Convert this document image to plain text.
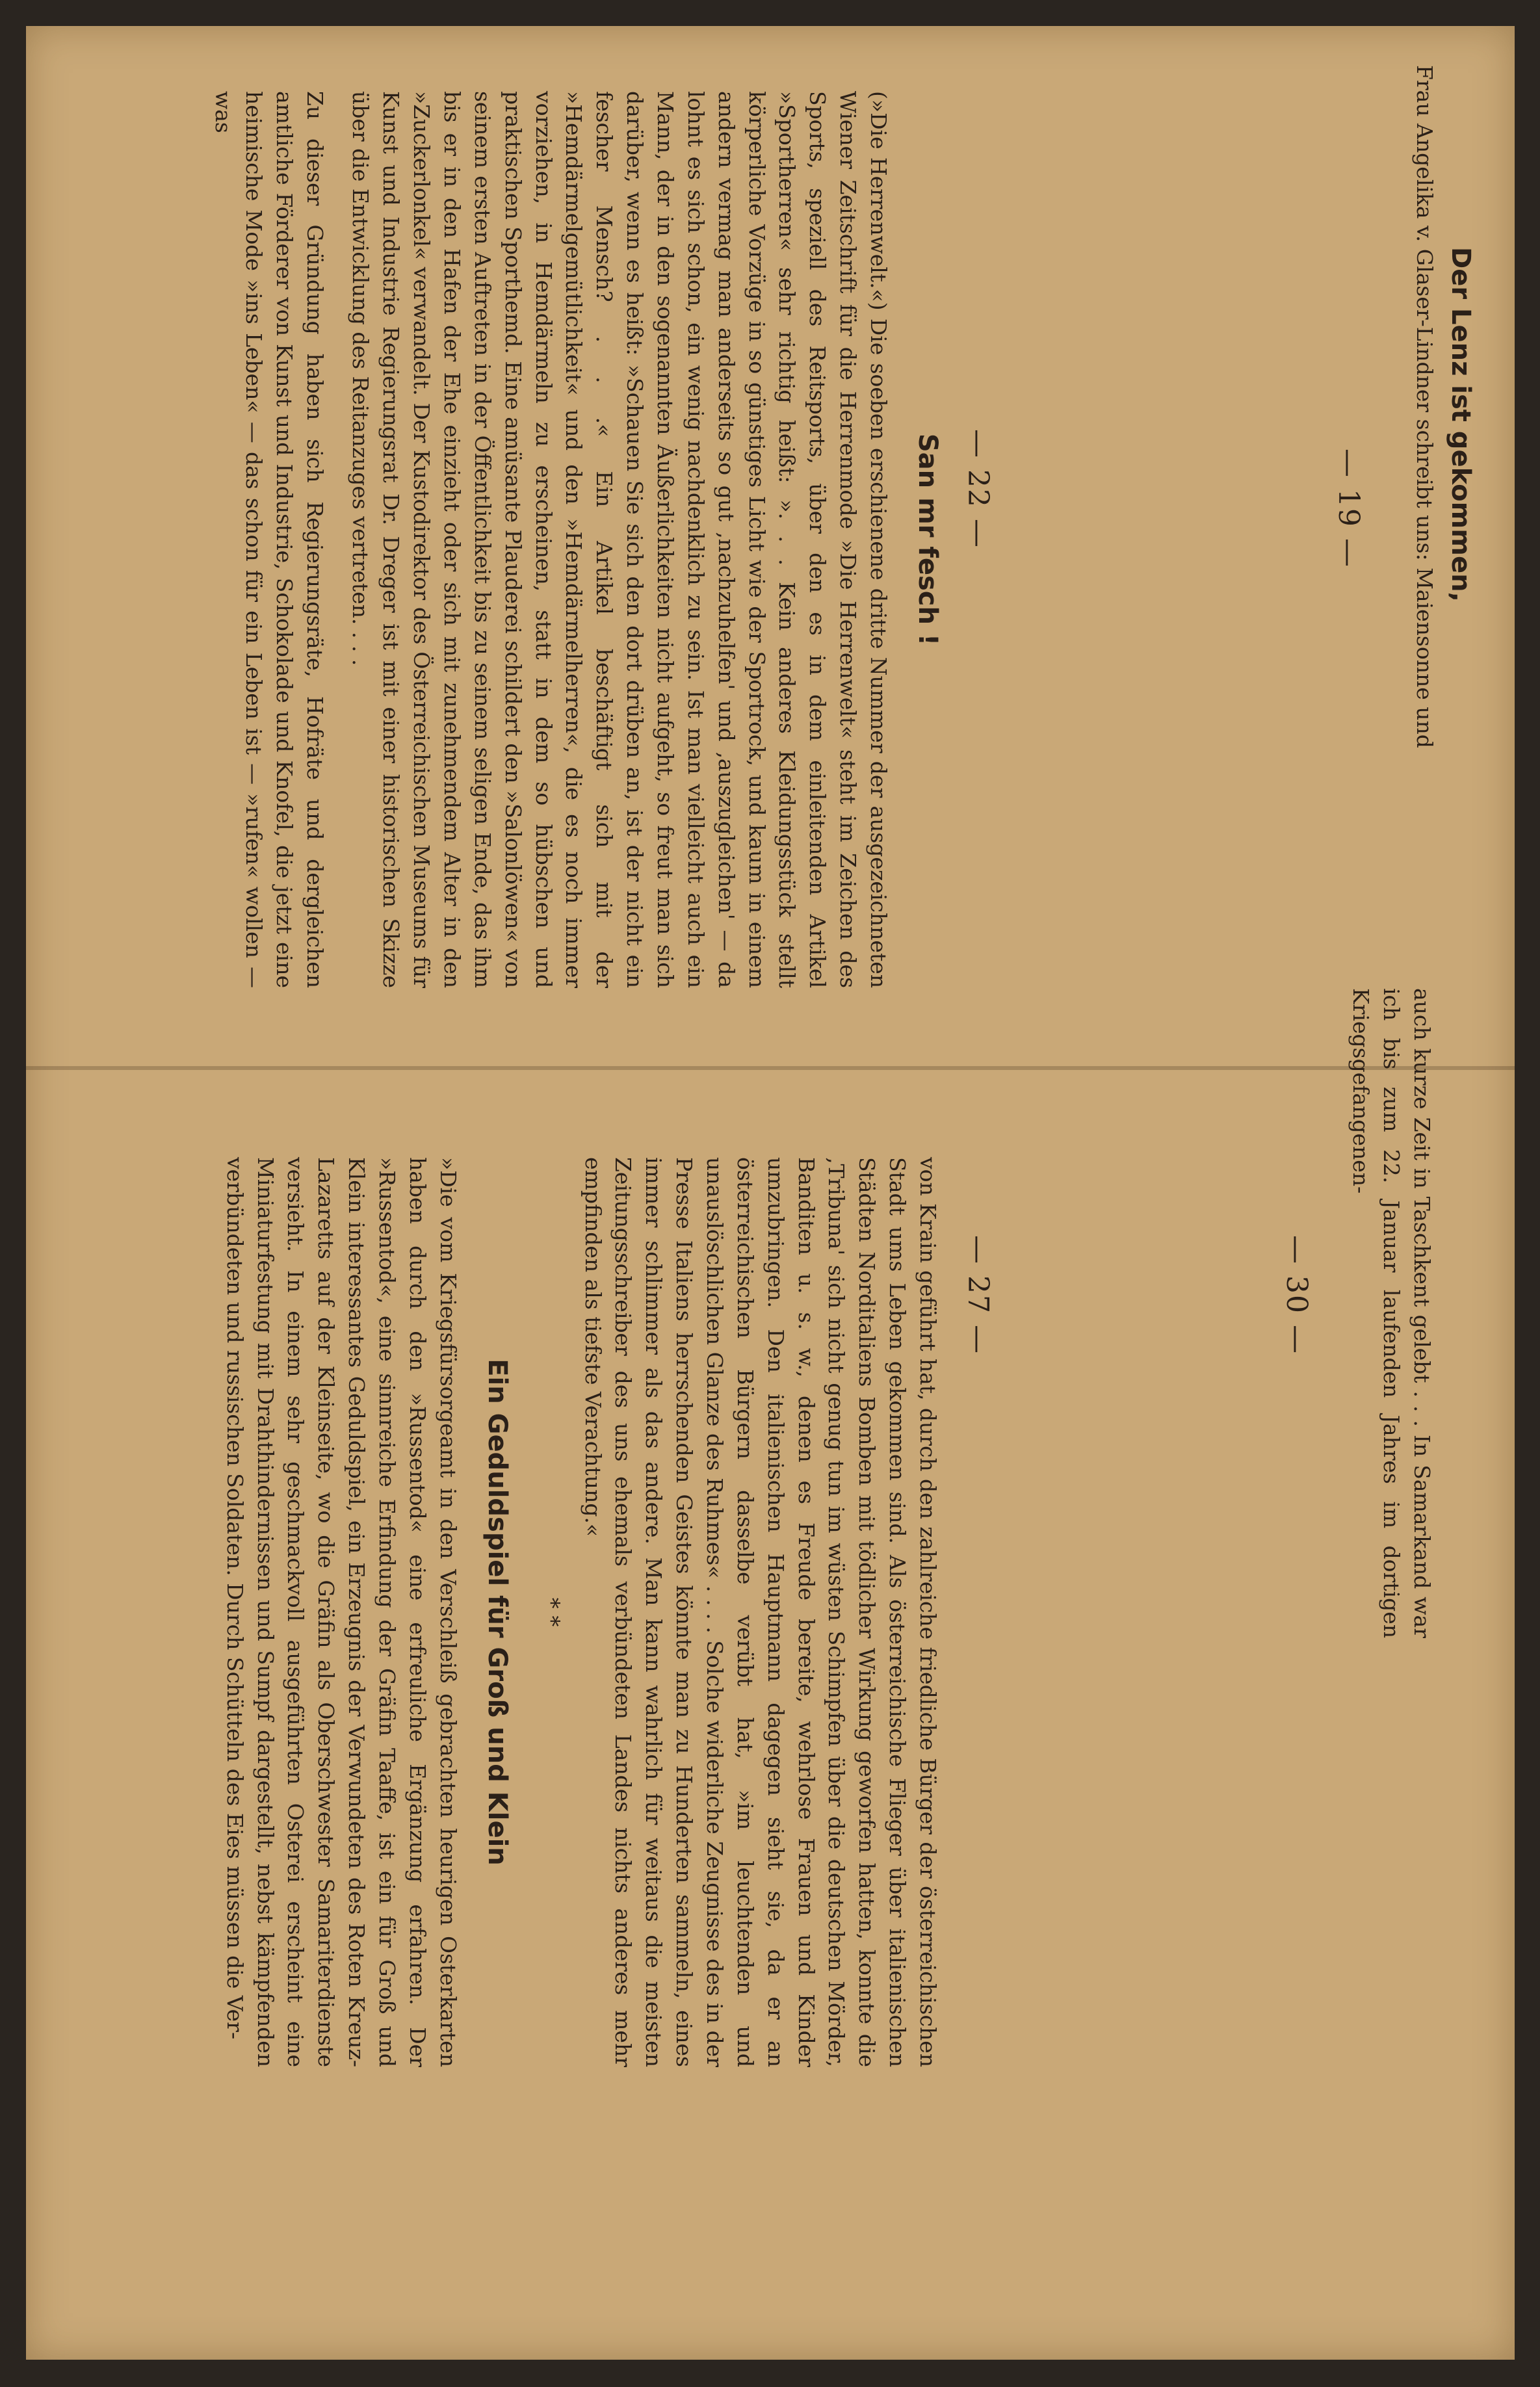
auch kurze Zeit in Taschkent gelebt . . . In Samarkand war ich bis zum 22. Januar laufenden Jahres im dortigen Kriegsgefangenen-

— 30 —
— 27 —

von Krain geführt hat, durch den zahlreiche friedliche Bürger der österreichischen Stadt ums Leben gekommen sind. Als österreichische Flieger über italienischen Städten Norditaliens Bomben mit tödlicher Wirkung geworfen hatten, konnte die ‚Tribuna' sich nicht genug tun im wüsten Schimpfen über die deutschen Mörder, Banditen u. s. w., denen es Freude bereite, wehrlose Frauen und Kinder umzubringen. Den italienischen Hauptmann dagegen sieht sie, da er an österreichischen Bürgern dasselbe verübt hat, »im leuchtenden und unauslöschlichen Glanze des Ruhmes« . . . . Solche widerliche Zeugnisse des in der Presse Italiens herrschenden Geistes könnte man zu Hunderten sammeln, eines immer schlimmer als das andere. Man kann wahrlich für weitaus die meisten Zeitungsschreiber des uns ehemals verbündeten Landes nichts anderes mehr empfinden als tiefste Verachtung.«

* *
Ein Geduldspiel für Groß und Klein

»Die vom Kriegsfürsorgeamt in den Verschleiß gebrachten heurigen Osterkarten haben durch den »Russentod« eine erfreuliche Ergänzung erfahren. Der »Russentod«, eine sinnreiche Erfindung der Gräfin Taaffe, ist ein für Groß und Klein interessantes Geduldspiel, ein Erzeugnis der Verwundeten des Roten Kreuz-Lazaretts auf der Kleinseite, wo die Gräfin als Oberschwester Samariterdienste versieht. In einem sehr geschmackvoll ausgeführten Osterei erscheint eine Miniaturfestung mit Drahthindernissen und Sumpf dargestellt, nebst kämpfenden verbündeten und russischen Soldaten. Durch Schütteln des Eies müssen die Ver-

— 19 —	Der Lenz ist gekommen,

Frau Angelika v. Glaser-Lindner schreibt uns: Maiensonne und

— 22 —
San mr fesch !

(»Die Herrenwelt.«) Die soeben erschienene dritte Nummer der ausgezeichneten Wiener Zeitschrift für die Herrenmode »Die Herrenwelt« steht im Zeichen des Sports, speziell des Reitsports, über den es in dem einleitenden Artikel »Sportherren« sehr richtig heißt: ». . . Kein anderes Kleidungsstück stellt körperliche Vorzüge in so günstiges Licht wie der Sportrock, und kaum in einem andern vermag man anderseits so gut ‚nachzuhelfen' und ‚auszugleichen' — da lohnt es sich schon, ein wenig nachdenklich zu sein. Ist man vielleicht auch ein Mann, der in den sogenannten Äußerlichkeiten nicht aufgeht, so freut man sich darüber, wenn es heißt: »Schauen Sie sich den dort drüben an, ist der nicht ein fescher Mensch? . . .« Ein Artikel beschäftigt sich mit der »Hemdärmelgemütlichkeit« und den »Hemdärmelherren«, die es noch immer vorziehen, in Hemdärmeln zu erscheinen, statt in dem so hübschen und praktischen Sporthemd. Eine amüsante Plauderei schildert den »Salonlöwen« von seinem ersten Auftreten in der Öffentlichkeit bis zu seinem seligen Ende, das ihm bis er in den Hafen der Ehe einzieht oder sich mit zunehmendem Alter in den »Zuckerlonkel« verwandelt. Der Kustodirektor des Österreichischen Museums für Kunst und Industrie Regierungsrat Dr. Dreger ist mit einer historischen Skizze über die Entwicklung des Reitanzuges vertreten. . . .

Zu dieser Gründung haben sich Regierungsräte, Hofräte und dergleichen amtliche Förderer von Kunst und Industrie, Schokolade und Knofel, die jetzt eine heimische Mode »ins Leben« — das schon für ein Leben ist — »rufen« wollen — was
